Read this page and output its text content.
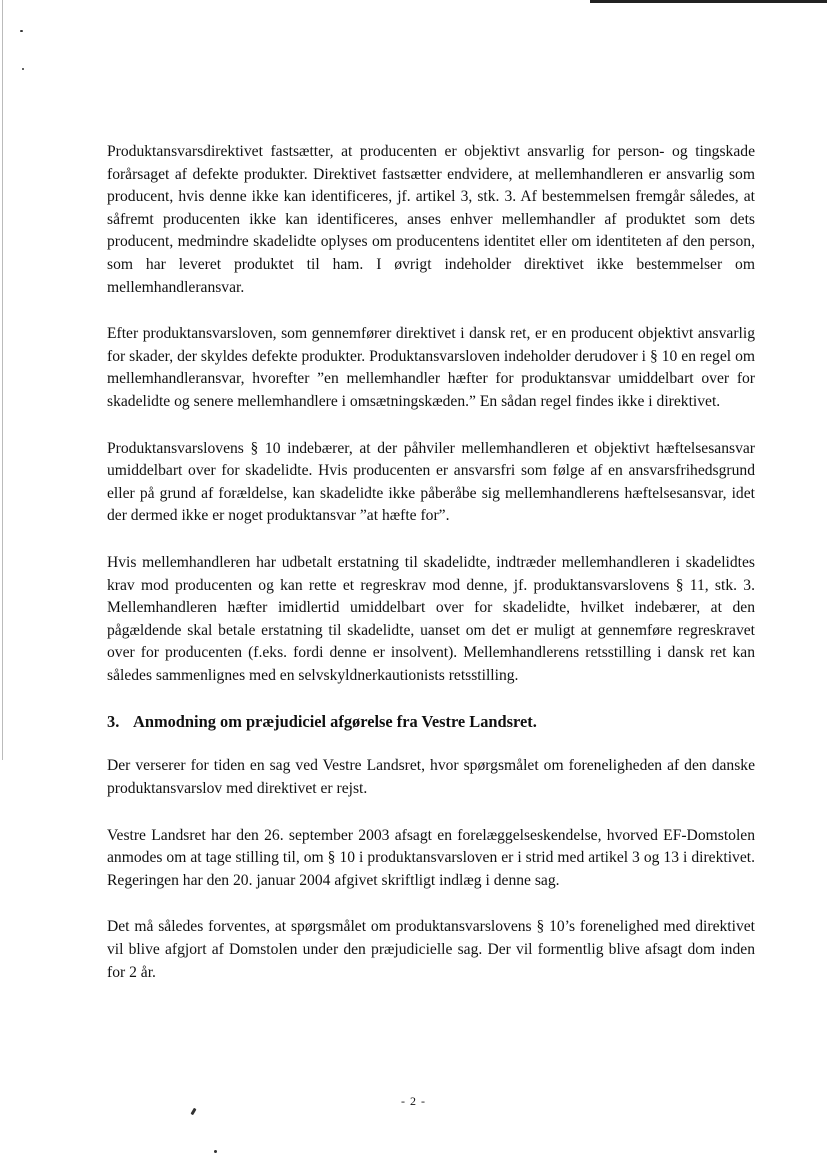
Produktansvarsdirektivet fastsætter, at producenten er objektivt ansvarlig for person- og tingskade forårsaget af defekte produkter. Direktivet fastsætter endvidere, at mellemhandleren er ansvarlig som producent, hvis denne ikke kan identificeres, jf. artikel 3, stk. 3. Af bestemmelsen fremgår således, at såfremt producenten ikke kan identificeres, anses enhver mellemhandler af produktet som dets producent, medmindre skadelidte oplyses om producentens identitet eller om identiteten af den person, som har leveret produktet til ham. I øvrigt indeholder direktivet ikke bestemmelser om mellemhandleransvar.

Efter produktansvarsloven, som gennemfører direktivet i dansk ret, er en producent objektivt ansvarlig for skader, der skyldes defekte produkter. Produktansvarsloven indeholder derudover i § 10 en regel om mellemhandleransvar, hvorefter ”en mellemhandler hæfter for produktansvar umiddelbart over for skadelidte og senere mellemhandlere i omsætningskæden.” En sådan regel findes ikke i direktivet.

Produktansvarslovens § 10 indebærer, at der påhviler mellemhandleren et objektivt hæftelsesansvar umiddelbart over for skadelidte. Hvis producenten er ansvarsfri som følge af en ansvarsfrihedsgrund eller på grund af forældelse, kan skadelidte ikke påberåbe sig mellemhandlerens hæftelsesansvar, idet der dermed ikke er noget produktansvar ”at hæfte for”.

Hvis mellemhandleren har udbetalt erstatning til skadelidte, indtræder mellemhandleren i skadelidtes krav mod producenten og kan rette et regreskrav mod denne, jf. produktansvarslovens § 11, stk. 3. Mellemhandleren hæfter imidlertid umiddelbart over for skadelidte, hvilket indebærer, at den pågældende skal betale erstatning til skadelidte, uanset om det er muligt at gennemføre regreskravet over for producenten (f.eks. fordi denne er insolvent). Mellemhandlerens retsstilling i dansk ret kan således sammenlignes med en selvskyldnerkautionists retsstilling.

3. Anmodning om præjudiciel afgørelse fra Vestre Landsret.

Der verserer for tiden en sag ved Vestre Landsret, hvor spørgsmålet om foreneligheden af den danske produktansvarslov med direktivet er rejst.

Vestre Landsret har den 26. september 2003 afsagt en forelæggelseskendelse, hvorved EF-Domstolen anmodes om at tage stilling til, om § 10 i produktansvarsloven er i strid med artikel 3 og 13 i direktivet. Regeringen har den 20. januar 2004 afgivet skriftligt indlæg i denne sag.

Det må således forventes, at spørgsmålet om produktansvarslovens § 10’s forenelighed med direktivet vil blive afgjort af Domstolen under den præjudicielle sag. Der vil formentlig blive afsagt dom inden for 2 år.

- 2 -
